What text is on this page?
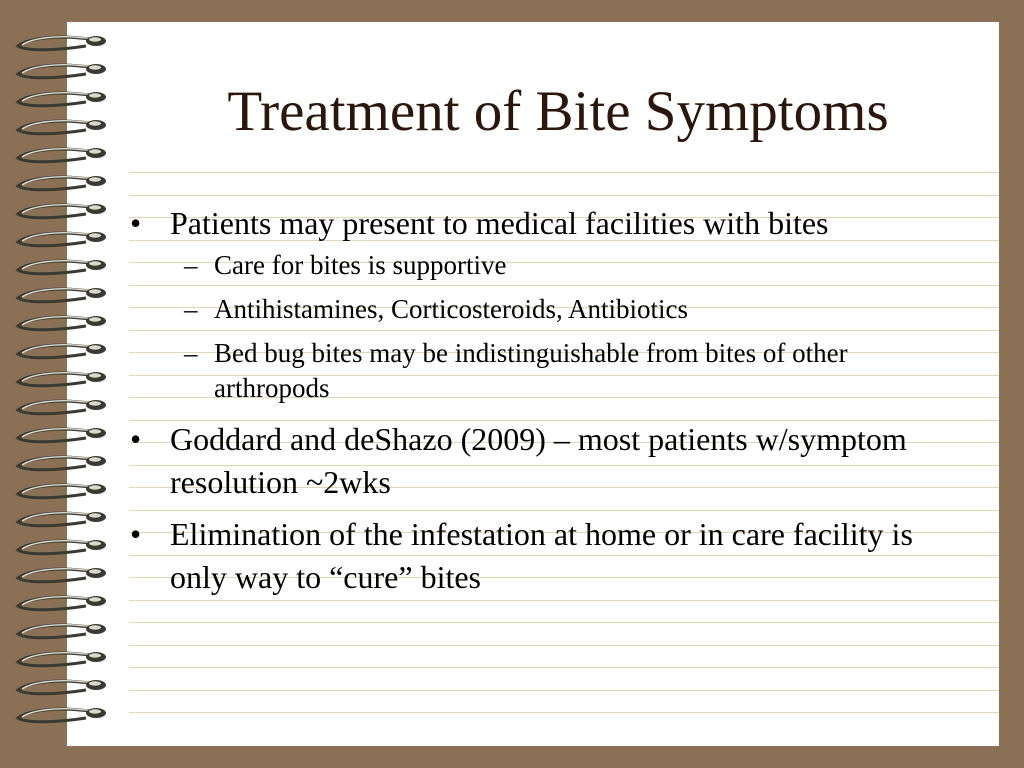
Treatment of Bite Symptoms
• Patients may present to medical facilities with bites
– Care for bites is supportive
– Antihistamines, Corticosteroids, Antibiotics
– Bed bug bites may be indistinguishable from bites of other arthropods
• Goddard and deShazo (2009) – most patients w/symptom resolution ~2wks
• Elimination of the infestation at home or in care facility is only way to “cure” bites
